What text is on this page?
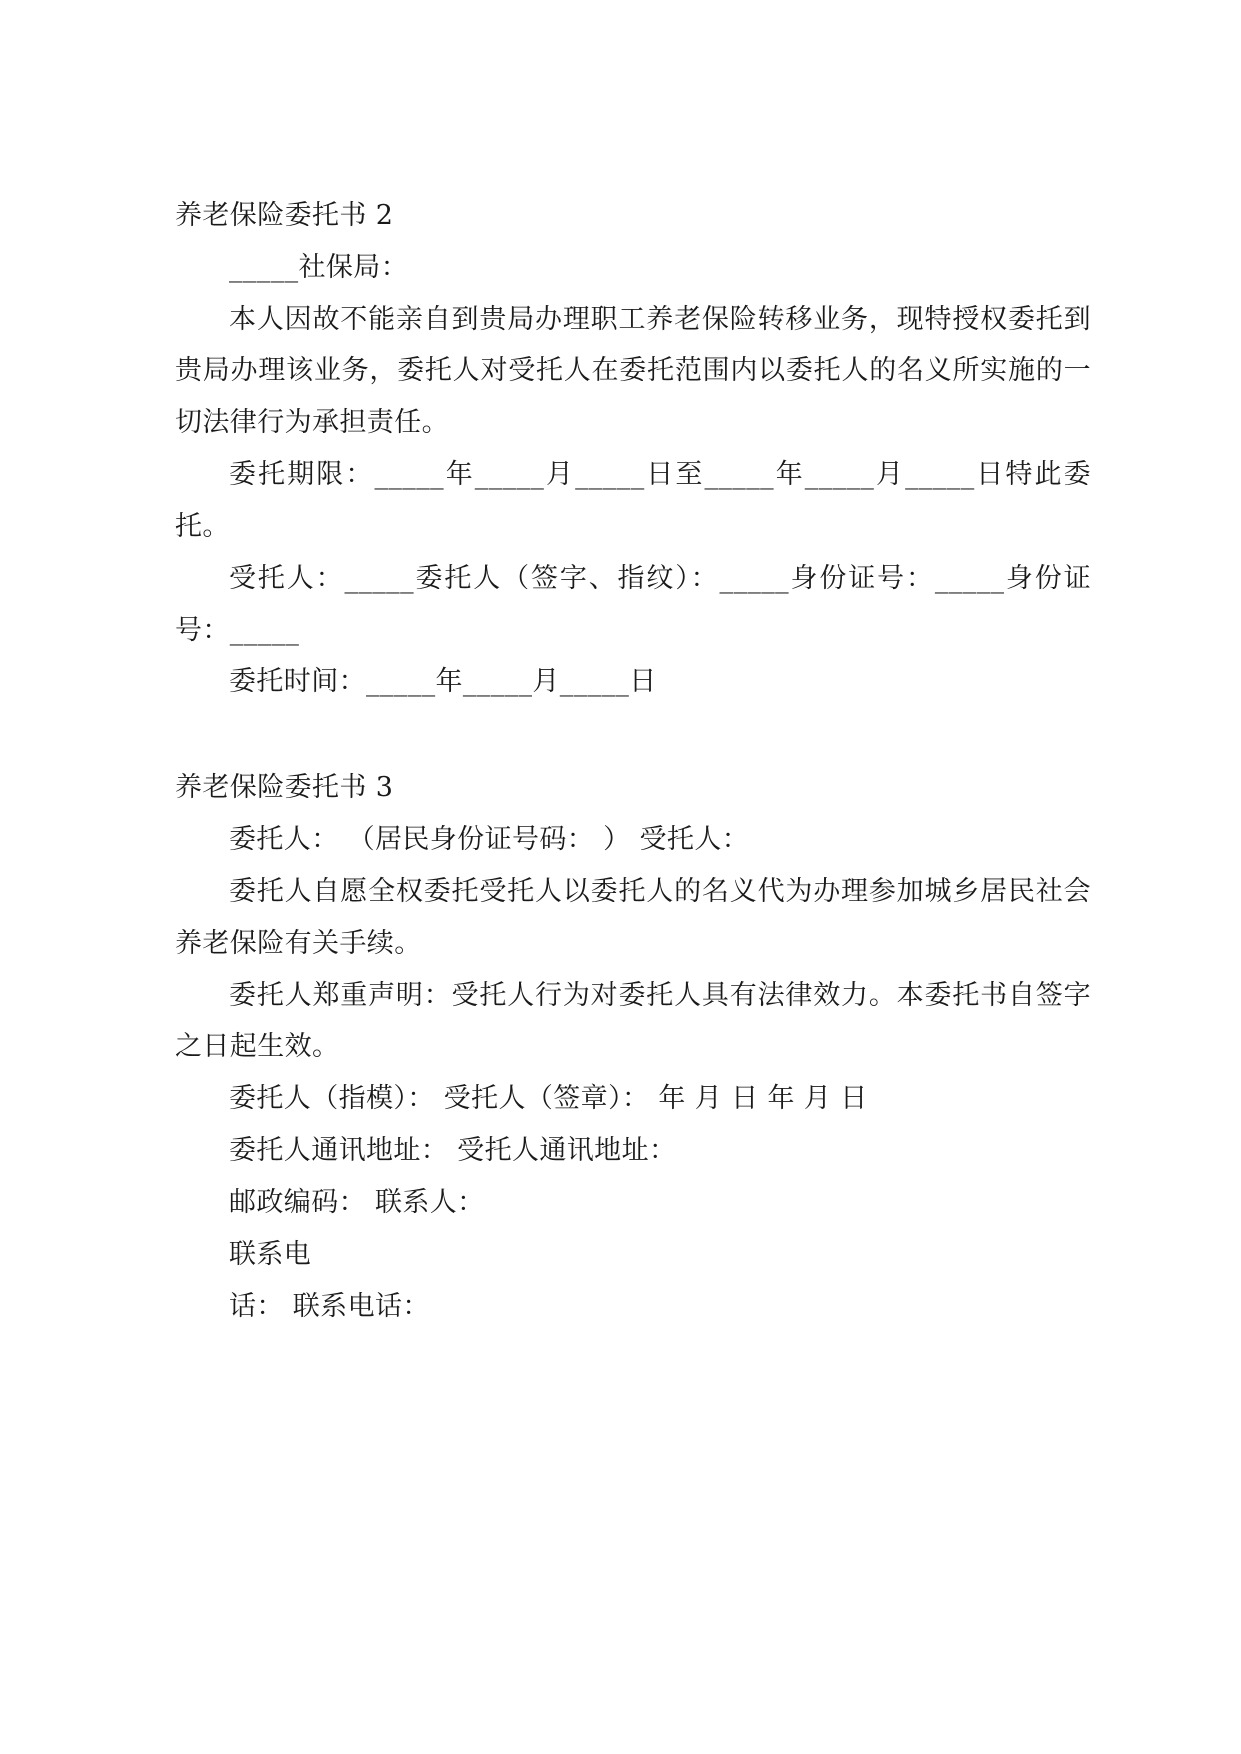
养老保险委托书 2

_____社保局：

本人因故不能亲自到贵局办理职工养老保险转移业务，现特授权委托到贵局办理该业务，委托人对受托人在委托范围内以委托人的名义所实施的一切法律行为承担责任。

委托期限：_____年_____月_____日至_____年_____月_____日特此委托。

受托人：_____委托人（签字、指纹）：_____身份证号：_____身份证号：_____

委托时间：_____年_____月_____日

养老保险委托书 3

委托人： （居民身份证号码： ） 受托人：

委托人自愿全权委托受托人以委托人的名义代为办理参加城乡居民社会养老保险有关手续。

委托人郑重声明：受托人行为对委托人具有法律效力。本委托书自签字之日起生效。

委托人（指模）： 受托人（签章）： 年 月 日 年 月 日

委托人通讯地址： 受托人通讯地址：

邮政编码： 联系人：

联系电

话： 联系电话：
